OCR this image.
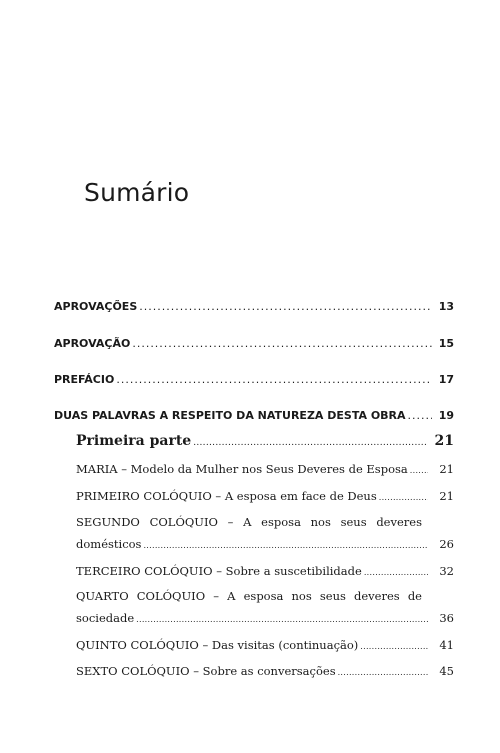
Sumário
APROVAÇÕES .....	13
APROVAÇÃO .....	15
PREFÁCIO .....	17
DUAS PALAVRAS A RESPEITO DA NATUREZA DESTA OBRA .....	19
Primeira parte .....	21
MARIA – Modelo da Mulher nos Seus Deveres de Esposa .....	21
PRIMEIRO COLÓQUIO – A esposa em face de Deus .....	21
SEGUNDO COLÓQUIO – A esposa nos seus deveres
domésticos .....	26
TERCEIRO COLÓQUIO – Sobre a suscetibilidade .....	32
QUARTO COLÓQUIO – A esposa nos seus deveres de
sociedade .....	36
QUINTO COLÓQUIO – Das visitas (continuação) .....	41
SEXTO COLÓQUIO – Sobre as conversações .....	45
